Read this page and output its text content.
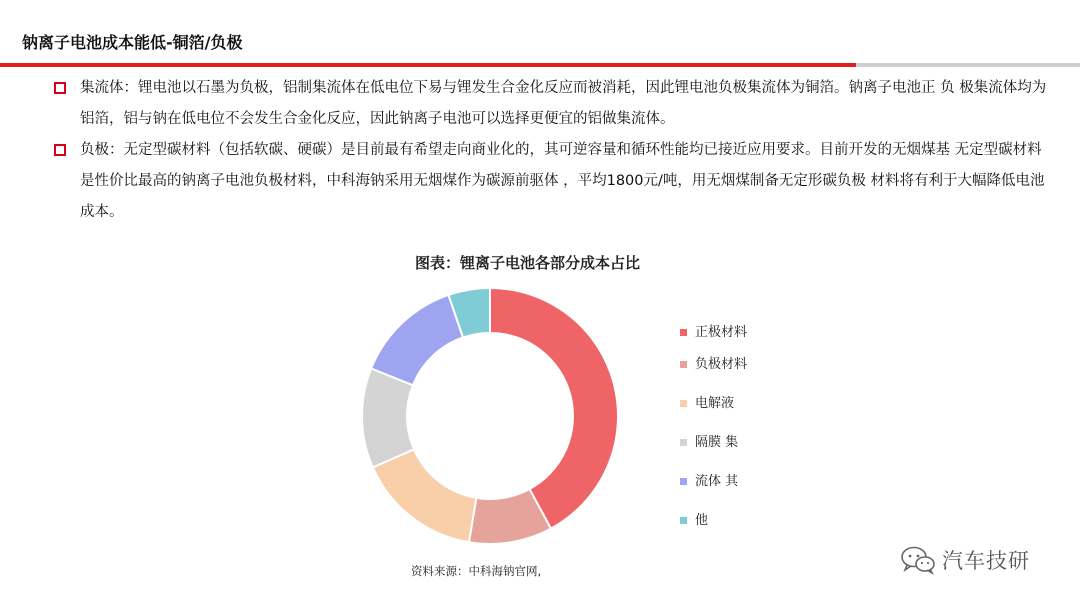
钠离子电池成本能低-铜箔/负极
集流体：锂电池以石墨为负极，铝制集流体在低电位下易与锂发生合金化反应而被消耗，因此锂电池负极集流体为铜箔。钠离子电池正 负 极集流体均为铝箔，铝与钠在低电位不会发生合金化反应，因此钠离子电池可以选择更便宜的铝做集流体。
负极：无定型碳材料（包括软碳、硬碳）是目前最有希望走向商业化的，其可逆容量和循环性能均已接近应用要求。目前开发的无烟煤基 无定型碳材料是性价比最高的钠离子电池负极材料，中科海钠采用无烟煤作为碳源前驱体 ，平均1800元/吨，用无烟煤制备无定形碳负极 材料将有利于大幅降低电池成本。
图表：锂离子电池各部分成本占比
正极材料
负极材料
电解液
隔膜 集
流体 其
他
资料来源：中科海钠官网,	汽车技研
